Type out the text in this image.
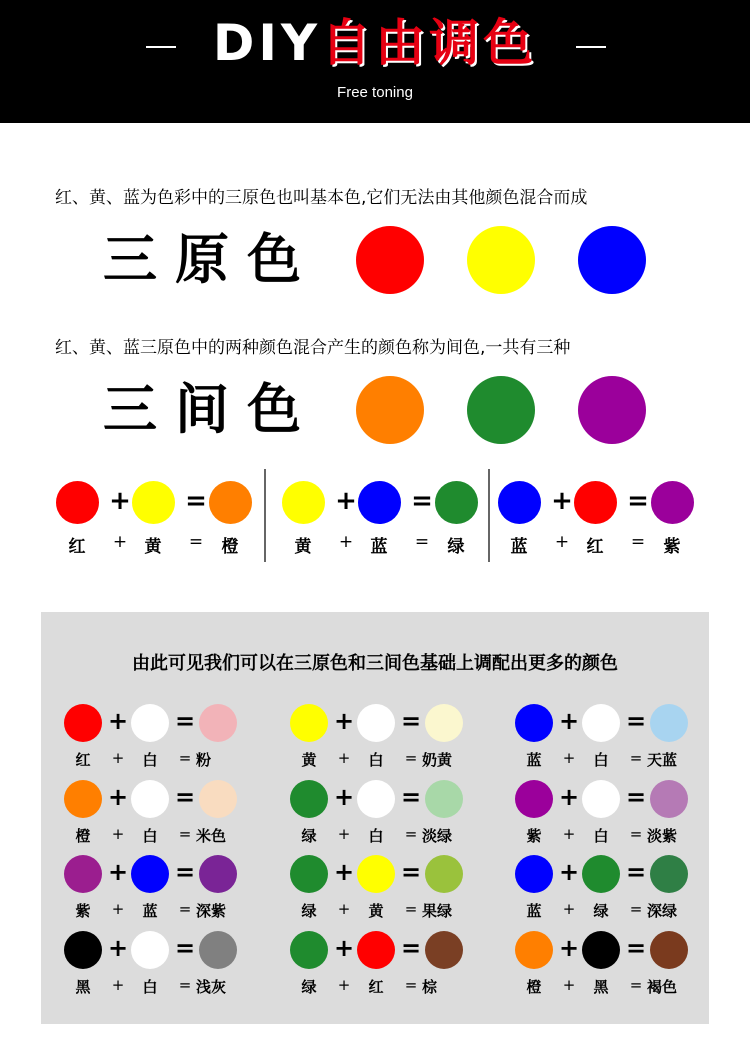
DIY自由调色
Free toning
红、黄、蓝为色彩中的三原色也叫基本色,它们无法由其他颜色混合而成
三原色
红、黄、蓝三原色中的两种颜色混合产生的颜色称为间色,一共有三种
三间色
+ =
红	+	黄	=	橙
+ =
黄	+	蓝	=	绿
+ =
蓝	+	红	=	紫
由此可见我们可以在三原色和三间色基础上调配出更多的颜色
+ =
红	+	白	= 粉
+ =
黄	+	白	= 奶黄
+ =
蓝	+	白	= 天蓝
+ =
橙	+	白	= 米色
+ =
绿	+	白	= 淡绿
+ =
紫	+	白	= 淡紫
+ =
紫	+	蓝	= 深紫
+ =
绿	+	黄	= 果绿
+ =
蓝	+	绿	= 深绿
+ =
黑	+	白	= 浅灰
+ =
绿	+	红	= 棕
+ =
橙	+	黑	= 褐色
